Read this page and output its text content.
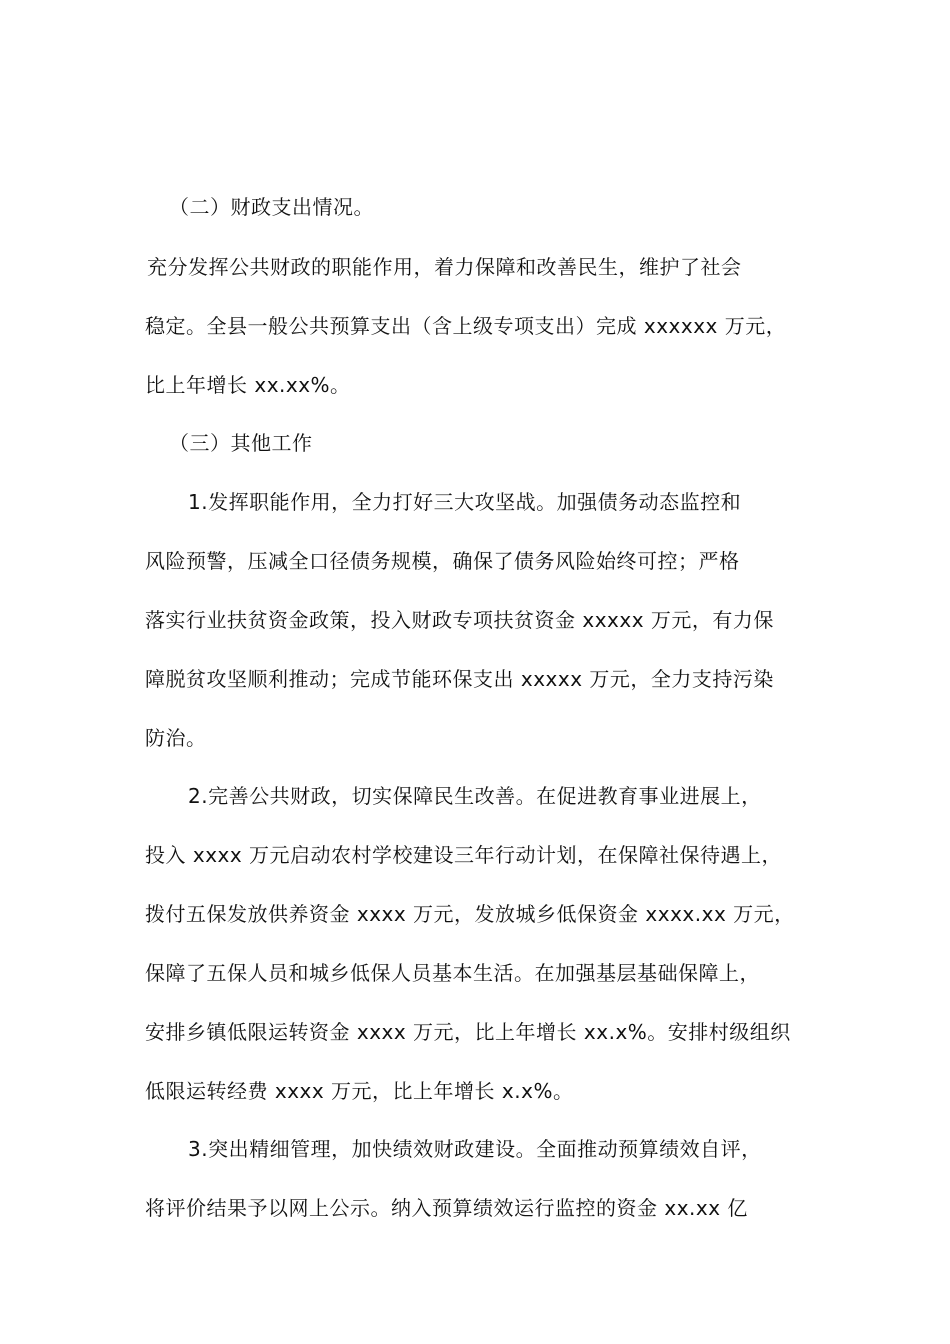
（二）财政支出情况。
充分发挥公共财政的职能作用，着力保障和改善民生，维护了社会
稳定。全县一般公共预算支出（含上级专项支出）完成 xxxxxx 万元，
比上年增长 xx.xx%。
（三）其他工作
1.发挥职能作用，全力打好三大攻坚战。加强债务动态监控和
风险预警，压减全口径债务规模，确保了债务风险始终可控；严格
落实行业扶贫资金政策，投入财政专项扶贫资金 xxxxx 万元，有力保
障脱贫攻坚顺利推动；完成节能环保支出 xxxxx 万元，全力支持污染
防治。
2.完善公共财政，切实保障民生改善。在促进教育事业进展上，
投入 xxxx 万元启动农村学校建设三年行动计划，在保障社保待遇上，
拨付五保发放供养资金 xxxx 万元，发放城乡低保资金 xxxx.xx 万元，
保障了五保人员和城乡低保人员基本生活。在加强基层基础保障上，
安排乡镇低限运转资金 xxxx 万元，比上年增长 xx.x%。安排村级组织
低限运转经费 xxxx 万元，比上年增长 x.x%。
3.突出精细管理，加快绩效财政建设。全面推动预算绩效自评，
将评价结果予以网上公示。纳入预算绩效运行监控的资金 xx.xx 亿
